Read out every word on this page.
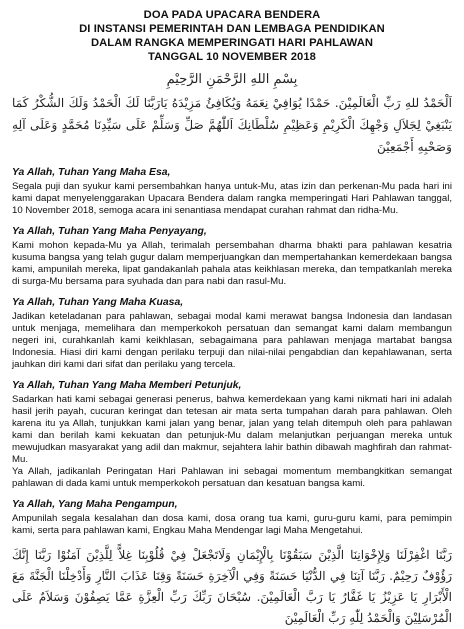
DOA PADA UPACARA BENDERA
DI INSTANSI PEMERINTAH DAN LEMBAGA PENDIDIKAN
DALAM RANGKA MEMPERINGATI HARI PAHLAWAN
TANGGAL 10 NOVEMBER 2018
بِسْمِ اللهِ الرَّحْمَنِ الرَّحِيْمِ
اَلْحَمْدُ للهِ رَبِّ الْعَالَمِيْنَ. حَمْدًا يُوَافِيْ نِعَمَهُ وَيُكَافِئُ مَزِيْدَهُ يَارَبَّنَا لَكَ الْحَمْدُ وَلَكَ الشُّكْرُ كَمَا يَنْبَغِيْ لِجَلاَلِ وَجْهِكَ الْكَرِيْمِ وَعَظِيْمِ سُلْطَانِكَ اَللّٰهُمَّ صَلِّ وَسَلِّمْ عَلَى سَيِّدِنَا مُحَمَّدٍ وَعَلَى آلِهِ وَصَحْبِهِ أَجْمَعِيْنَ
Ya Allah, Tuhan Yang Maha Esa,

Segala puji dan syukur kami persembahkan hanya untuk-Mu, atas izin dan perkenan-Mu pada hari ini kami dapat menyelenggarakan Upacara Bendera dalam rangka memperingati Hari Pahlawan tanggal, 10 November 2018, semoga acara ini senantiasa mendapat curahan rahmat dan ridha-Mu.

Ya Allah, Tuhan Yang Maha Penyayang,

Kami mohon kepada-Mu ya Allah, terimalah persembahan dharma bhakti para pahlawan kesatria kusuma bangsa yang telah gugur dalam memperjuangkan dan mempertahankan kemerdekaan bangsa kami, ampunilah mereka, lipat gandakanlah pahala atas keikhlasan mereka, dan tempatkanlah mereka di surga-Mu bersama para syuhada dan para nabi dan rasul-Mu.

Ya Allah, Tuhan Yang Maha Kuasa,

Jadikan keteladanan para pahlawan, sebagai modal kami merawat bangsa Indonesia dan landasan untuk menjaga, memelihara dan memperkokoh persatuan dan semangat kami dalam membangun negeri ini, curahkanlah kami keikhlasan, sebagaimana para pahlawan menjaga martabat bangsa Indonesia. Hiasi diri kami dengan perilaku terpuji dan nilai-nilai pengabdian dan kepahlawanan, serta jauhkan diri kami dari sifat dan perilaku yang tercela.

Ya Allah, Tuhan Yang Maha Memberi Petunjuk,

Sadarkan hati kami sebagai generasi penerus, bahwa kemerdekaan yang kami nikmati hari ini adalah hasil jerih payah, cucuran keringat dan tetesan air mata serta tumpahan darah para pahlawan. Oleh karena itu ya Allah, tunjukkan kami jalan yang benar, jalan yang telah ditempuh oleh para pahlawan kami dan berilah kami kekuatan dan petunjuk-Mu dalam melanjutkan perjuangan mereka untuk mewujudkan masyarakat yang adil dan makmur, sejahtera lahir bathin dibawah maghfirah dan rahmat-Mu.

Ya Allah, jadikanlah Peringatan Hari Pahlawan ini sebagai momentum membangkitkan semangat pahlawan di dada kami untuk memperkokoh persatuan dan kesatuan bangsa kami.

Ya Allah, Yang Maha Pengampun,

Ampunilah segala kesalahan dan dosa kami, dosa orang tua kami, guru-guru kami, para pemimpin kami, serta para pahlawan kami, Engkau Maha Mendengar lagi Maha Mengetahui.

رَبَّنَا اغْفِرْلَنَا وَلِإِخْوَانِنَا الَّذِيْنَ سَبَقُوْنَا بِالْإِيْمَانِ وَلَاتَجْعَلْ فِيْ قُلُوْبِنَا غِلاًّ لِلَّذِيْنَ آمَنُوْا رَبَّنَا إِنَّكَ رَؤُوْفٌ رَحِيْمٌ. رَبَّنَا آتِنَا فِي الدُّنْيَا حَسَنَةً وَفِي الْآخِرَةِ حَسَنَةً وَقِنَا عَذَابَ النَّارِ وَأَدْخِلْنَا الْجَنَّةَ مَعَ الْأَبْرَارِ يَا عَزِيْزُ يَا غَفَّارُ يَا رَبَّ الْعَالَمِيْنَ. سُبْحَانَ رَبِّكَ رَبِّ الْعِزَّةِ عَمَّا يَصِفُوْنَ وَسَلاَمٌ عَلَى الْمُرْسَلِيْنَ وَالْحَمْدُ لِلّٰهِ رَبِّ الْعَالَمِيْنَ
